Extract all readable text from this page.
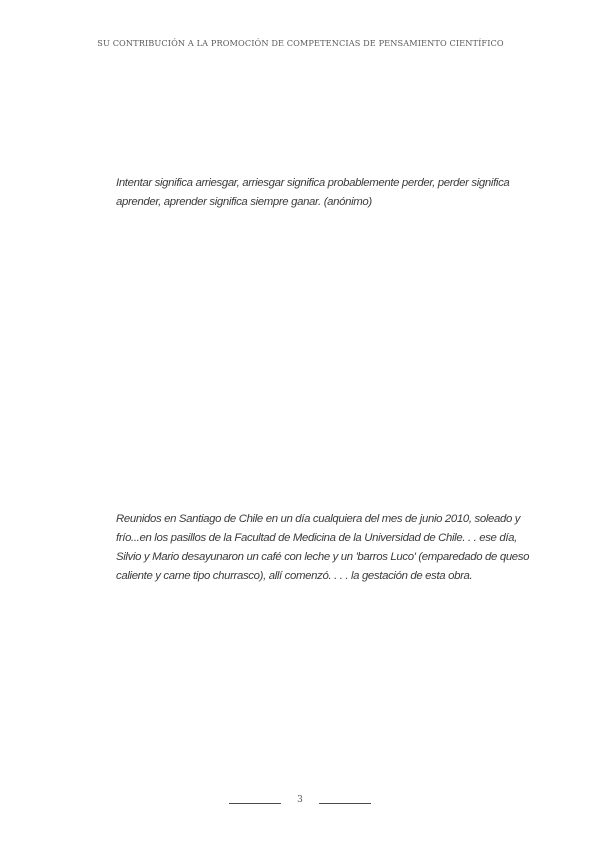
SU CONTRIBUCIÓN A LA PROMOCIÓN DE COMPETENCIAS DE PENSAMIENTO CIENTÍFICO
Intentar significa arriesgar, arriesgar significa probablemente perder, perder significa
aprender, aprender significa siempre ganar. (anónimo)
Reunidos en Santiago de Chile en un día cualquiera del mes de junio 2010, soleado y
frío...en los pasillos de la Facultad de Medicina de la Universidad de Chile. . . ese día,
Silvio y Mario desayunaron un café con leche y un 'barros Luco' (emparedado de queso
caliente y carne tipo churrasco), allí comenzó. . . . la gestación de esta obra.
3
